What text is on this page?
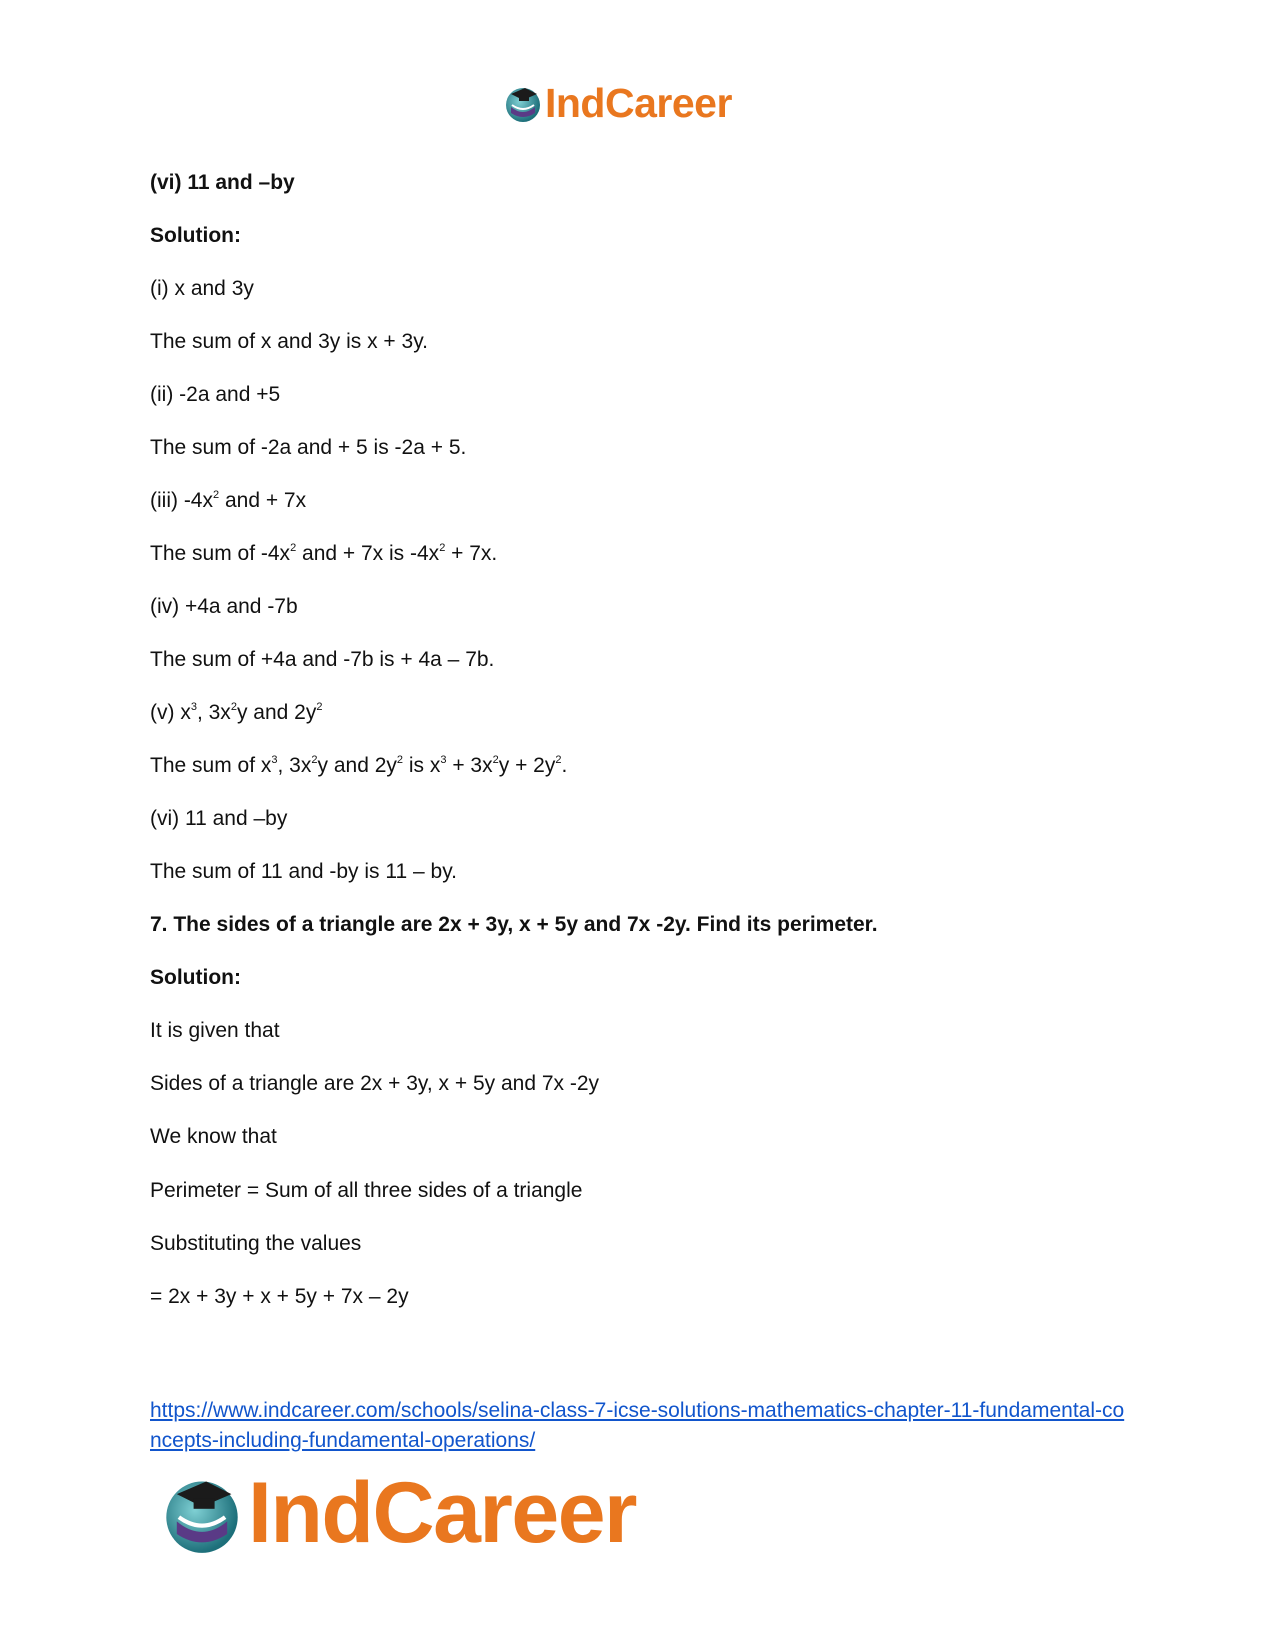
IndCareer
(vi) 11 and –by
Solution:
(i) x and 3y
The sum of x and 3y is x + 3y.
(ii) -2a and +5
The sum of -2a and + 5 is -2a + 5.
(iii) $-4x^2$ and + 7x
The sum of $-4x^2$ and + 7x is $-4x^2 + 7x$.
(iv) +4a and -7b
The sum of +4a and -7b is + 4a – 7b.
(v) $x^3$, $3x^2y$ and $2y^2$
The sum of $x^3$, $3x^2y$ and $2y^2$ is $x^3 + 3x^2y + 2y^2$.
(vi) 11 and –by
The sum of 11 and -by is 11 – by.
7. The sides of a triangle are 2x + 3y, x + 5y and 7x -2y. Find its perimeter.
Solution:
It is given that
Sides of a triangle are 2x + 3y, x + 5y and 7x -2y
We know that
Perimeter = Sum of all three sides of a triangle
Substituting the values
= 2x + 3y + x + 5y + 7x – 2y
https://www.indcareer.com/schools/selina-class-7-icse-solutions-mathematics-chapter-11-fundamental-concepts-including-fundamental-operations/
IndCareer
